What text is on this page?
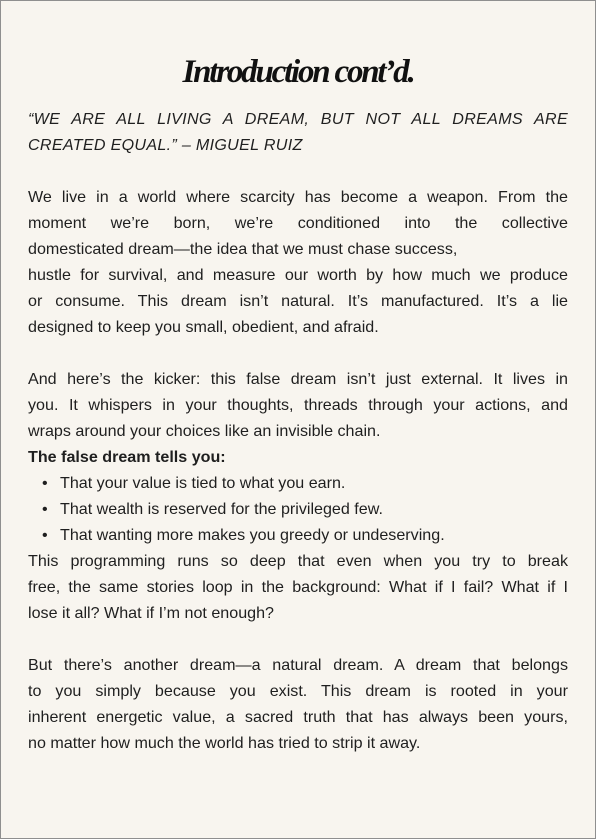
Introduction cont’d.

“WE ARE ALL LIVING A DREAM, BUT NOT ALL DREAMS ARE
CREATED EQUAL.” – MIGUEL RUIZ

We live in a world where scarcity has become a weapon. From the
moment we’re born, we’re conditioned into the collective
domesticated dream—the idea that we must chase success,
hustle for survival, and measure our worth by how much we produce
or consume. This dream isn’t natural. It’s manufactured. It’s a lie
designed to keep you small, obedient, and afraid.

And here’s the kicker: this false dream isn’t just external. It lives in
you. It whispers in your thoughts, threads through your actions, and
wraps around your choices like an invisible chain.

The false dream tells you:

• That your value is tied to what you earn.
• That wealth is reserved for the privileged few.
• That wanting more makes you greedy or undeserving.

This programming runs so deep that even when you try to break
free, the same stories loop in the background: What if I fail? What if I
lose it all? What if I’m not enough?

But there’s another dream—a natural dream. A dream that belongs
to you simply because you exist. This dream is rooted in your
inherent energetic value, a sacred truth that has always been yours,
no matter how much the world has tried to strip it away.
